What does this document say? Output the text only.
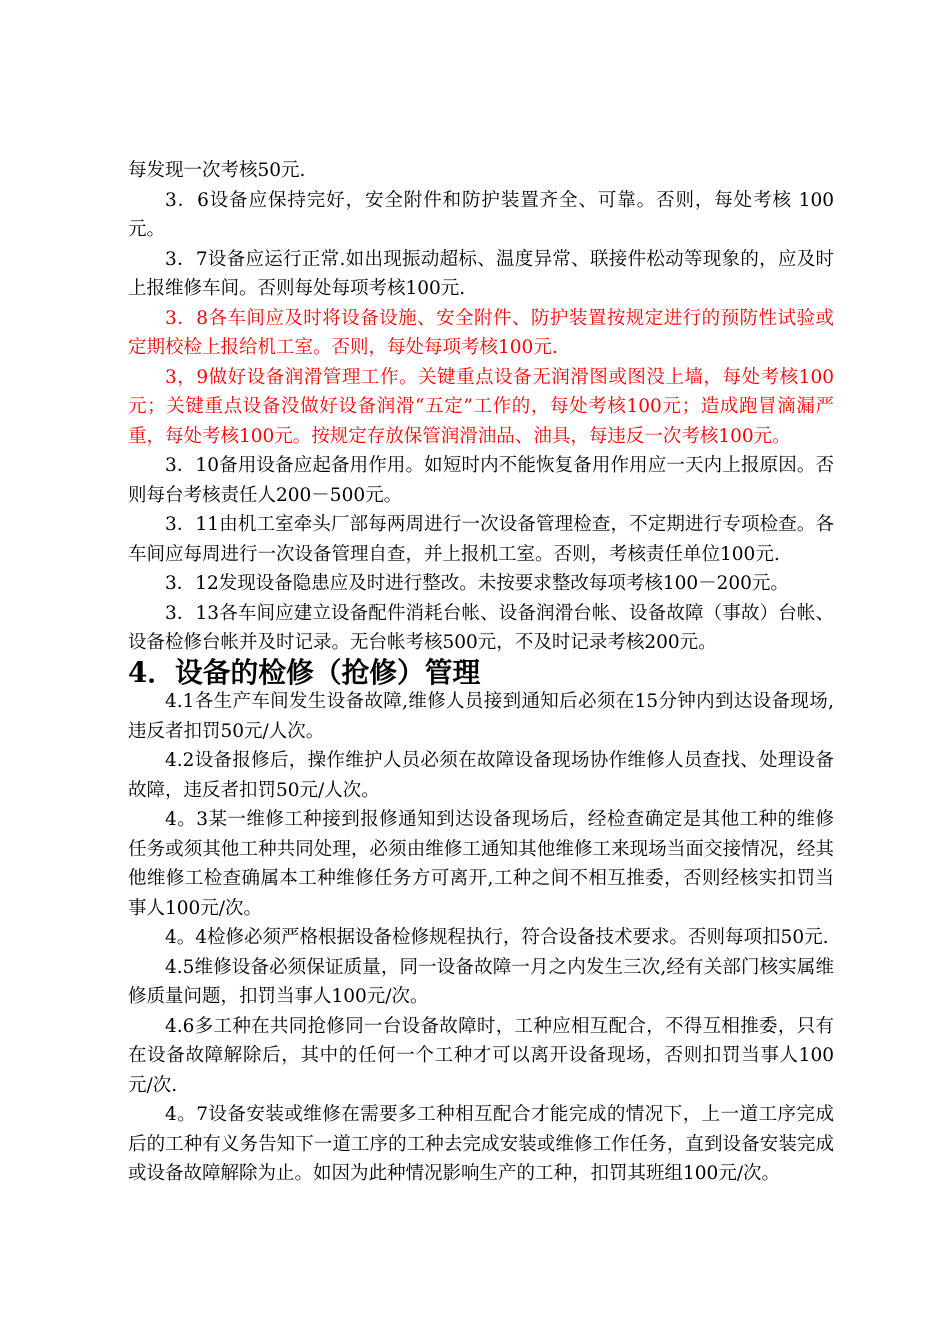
每发现一次考核50元.

3．6设备应保持完好，安全附件和防护装置齐全、可靠。否则，每处考核 100元。

3．7设备应运行正常.如出现振动超标、温度异常、联接件松动等现象的，应及时上报维修车间。否则每处每项考核100元.

3．8各车间应及时将设备设施、安全附件、防护装置按规定进行的预防性试验或定期校检上报给机工室。否则，每处每项考核100元.

3，9做好设备润滑管理工作。关键重点设备无润滑图或图没上墙，每处考核100元；关键重点设备没做好设备润滑“五定”工作的，每处考核100元；造成跑冒滴漏严重，每处考核100元。按规定存放保管润滑油品、油具，每违反一次考核100元。

3．10备用设备应起备用作用。如短时内不能恢复备用作用应一天内上报原因。否则每台考核责任人200－500元。

3．11由机工室牵头厂部每两周进行一次设备管理检查，不定期进行专项检查。各车间应每周进行一次设备管理自查，并上报机工室。否则，考核责任单位100元.

3．12发现设备隐患应及时进行整改。未按要求整改每项考核100－200元。

3．13各车间应建立设备配件消耗台帐、设备润滑台帐、设备故障（事故）台帐、设备检修台帐并及时记录。无台帐考核500元，不及时记录考核200元。

4．设备的检修（抢修）管理

4.1各生产车间发生设备故障,维修人员接到通知后必须在15分钟内到达设备现场,违反者扣罚50元/人次。

4.2设备报修后，操作维护人员必须在故障设备现场协作维修人员查找、处理设备故障，违反者扣罚50元/人次。

4。3某一维修工种接到报修通知到达设备现场后，经检查确定是其他工种的维修任务或须其他工种共同处理，必须由维修工通知其他维修工来现场当面交接情况，经其他维修工检查确属本工种维修任务方可离开,工种之间不相互推委，否则经核实扣罚当事人100元/次。

4。4检修必须严格根据设备检修规程执行，符合设备技术要求。否则每项扣50元.

4.5维修设备必须保证质量，同一设备故障一月之内发生三次,经有关部门核实属维修质量问题，扣罚当事人100元/次。

4.6多工种在共同抢修同一台设备故障时，工种应相互配合，不得互相推委，只有在设备故障解除后，其中的任何一个工种才可以离开设备现场，否则扣罚当事人100元/次.

4。7设备安装或维修在需要多工种相互配合才能完成的情况下，上一道工序完成后的工种有义务告知下一道工序的工种去完成安装或维修工作任务，直到设备安装完成或设备故障解除为止。如因为此种情况影响生产的工种，扣罚其班组100元/次。
